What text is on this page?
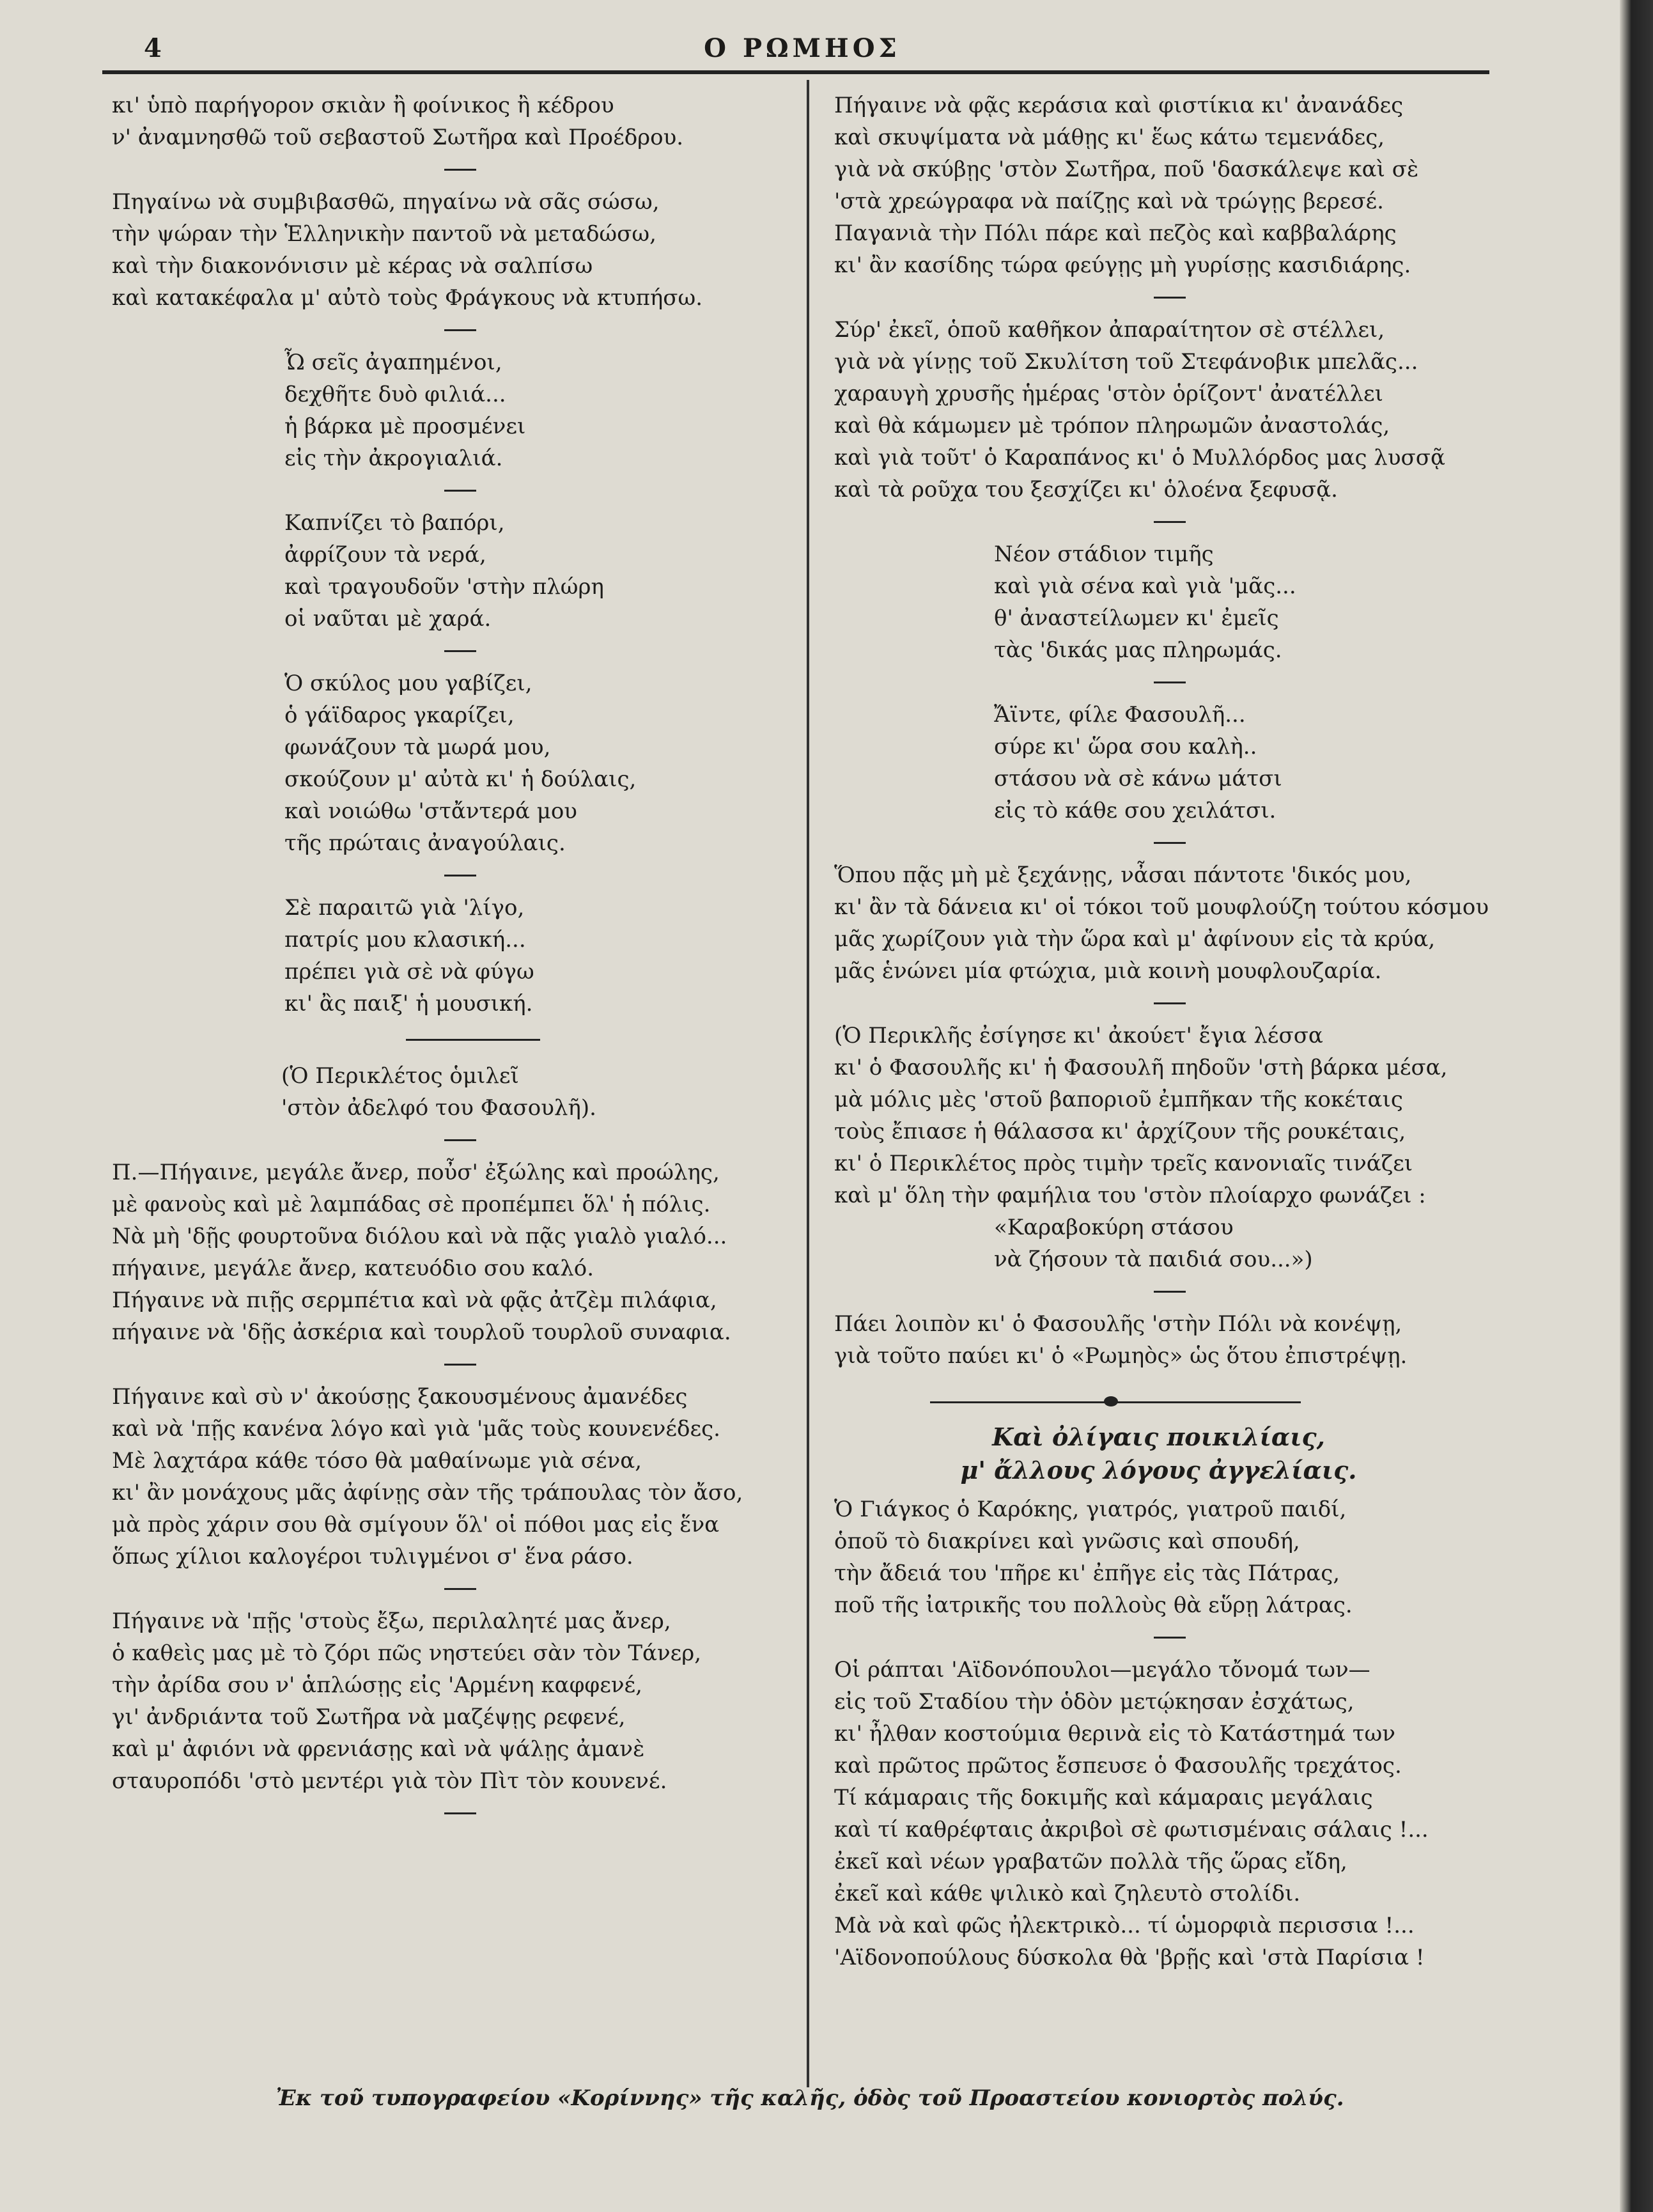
4	Ο ΡΩΜΗΟΣ
κι' ὑπὸ παρήγορον σκιὰν ἢ φοίνικος ἢ κέδρου
ν' ἀναμνησθῶ τοῦ σεβαστοῦ Σωτῆρα καὶ Προέδρου.
Πηγαίνω νὰ συμβιβασθῶ, πηγαίνω νὰ σᾶς σώσω,
τὴν ψώραν τὴν Ἑλληνικὴν παντοῦ νὰ μεταδώσω,
καὶ τὴν διακονόνισιν μὲ κέρας νὰ σαλπίσω
καὶ κατακέφαλα μ' αὐτὸ τοὺς Φράγκους νὰ κτυπήσω.
Ὦ σεῖς ἀγαπημένοι,
δεχθῆτε δυὸ φιλιά...
ἡ βάρκα μὲ προσμένει
εἰς τὴν ἀκρογιαλιά.
Καπνίζει τὸ βαπόρι,
ἀφρίζουν τὰ νερά,
καὶ τραγουδοῦν 'στὴν πλώρη
οἱ ναῦται μὲ χαρά.
Ὁ σκύλος μου γαβίζει,
ὁ γάϊδαρος γκαρίζει,
φωνάζουν τὰ μωρά μου,
σκούζουν μ' αὐτὰ κι' ἡ δούλαις,
καὶ νοιώθω 'στἄντερά μου
τῆς πρώταις ἀναγούλαις.
Σὲ παραιτῶ γιὰ 'λίγο,
πατρίς μου κλασική...
πρέπει γιὰ σὲ νὰ φύγω
κι' ἂς παιξ' ἡ μουσική.
(Ὁ Περικλέτος ὁμιλεῖ
'στὸν ἀδελφό του Φασουλῆ).
Π.—Πήγαινε, μεγάλε ἄνερ, ποὖσ' ἐξώλης καὶ προώλης,
μὲ φανοὺς καὶ μὲ λαμπάδας σὲ προπέμπει ὅλ' ἡ πόλις.
Νὰ μὴ 'δῇς φουρτοῦνα διόλου καὶ νὰ πᾷς γιαλὸ γιαλό...
πήγαινε, μεγάλε ἄνερ, κατευόδιο σου καλό.
Πήγαινε νὰ πιῇς σερμπέτια καὶ νὰ φᾷς ἀτζὲμ πιλάφια,
πήγαινε νὰ 'δῇς ἀσκέρια καὶ τουρλοῦ τουρλοῦ συναφια.
Πήγαινε καὶ σὺ ν' ἀκούσῃς ξακουσμένους ἀμανέδες
καὶ νὰ 'πῇς κανένα λόγο καὶ γιὰ 'μᾶς τοὺς κουνενέδες.
Μὲ λαχτάρα κάθε τόσο θὰ μαθαίνωμε γιὰ σένα,
κι' ἂν μονάχους μᾶς ἀφίνῃς σὰν τῆς τράπουλας τὸν ἄσο,
μὰ πρὸς χάριν σου θὰ σμίγουν ὅλ' οἱ πόθοι μας εἰς ἕνα
ὅπως χίλιοι καλογέροι τυλιγμένοι σ' ἕνα ράσο.
Πήγαινε νὰ 'πῇς 'στοὺς ἔξω, περιλαλητέ μας ἄνερ,
ὁ καθεὶς μας μὲ τὸ ζόρι πῶς νηστεύει σὰν τὸν Τάνερ,
τὴν ἀρίδα σου ν' ἁπλώσῃς εἰς 'Αρμένη καφφενέ,
γι' ἀνδριάντα τοῦ Σωτῆρα νὰ μαζέψῃς ρεφενέ,
καὶ μ' ἀφιόνι νὰ φρενιάσῃς καὶ νὰ ψάλῃς ἀμανὲ
σταυροπόδι 'στὸ μεντέρι γιὰ τὸν Πὶτ τὸν κουνενέ.
Πήγαινε νὰ φᾷς κεράσια καὶ φιστίκια κι' ἀνανάδες
καὶ σκυψίματα νὰ μάθῃς κι' ἕως κάτω τεμενάδες,
γιὰ νὰ σκύβῃς 'στὸν Σωτῆρα, ποῦ 'δασκάλεψε καὶ σὲ
'στὰ χρεώγραφα νὰ παίζῃς καὶ νὰ τρώγῃς βερεσέ.
Παγανιὰ τὴν Πόλι πάρε καὶ πεζὸς καὶ καββαλάρης
κι' ἂν κασίδης τώρα φεύγῃς μὴ γυρίσῃς κασιδιάρης.
Σύρ' ἐκεῖ, ὁποῦ καθῆκον ἀπαραίτητον σὲ στέλλει,
γιὰ νὰ γίνῃς τοῦ Σκυλίτση τοῦ Στεφάνοβικ μπελᾶς...
χαραυγὴ χρυσῆς ἡμέρας 'στὸν ὁρίζοντ' ἀνατέλλει
καὶ θὰ κάμωμεν μὲ τρόπον πληρωμῶν ἀναστολάς,
καὶ γιὰ τοῦτ' ὁ Καραπάνος κι' ὁ Μυλλόρδος μας λυσσᾷ
καὶ τὰ ροῦχα του ξεσχίζει κι' ὁλοένα ξεφυσᾷ.
Νέον στάδιον τιμῆς
καὶ γιὰ σένα καὶ γιὰ 'μᾶς...
θ' ἀναστείλωμεν κι' ἐμεῖς
τὰς 'δικάς μας πληρωμάς.
Ἄϊντε, φίλε Φασουλῆ...
σύρε κι' ὥρα σου καλὴ..
στάσου νὰ σὲ κάνω μάτσι
εἰς τὸ κάθε σου χειλάτσι.
Ὅπου πᾷς μὴ μὲ ξεχάνῃς, νἆσαι πάντοτε 'δικός μου,
κι' ἂν τὰ δάνεια κι' οἱ τόκοι τοῦ μουφλούζη τούτου κόσμου
μᾶς χωρίζουν γιὰ τὴν ὥρα καὶ μ' ἀφίνουν εἰς τὰ κρύα,
μᾶς ἑνώνει μία φτώχια, μιὰ κοινὴ μουφλουζαρία.
(Ὁ Περικλῆς ἐσίγησε κι' ἀκούετ' ἔγια λέσσα
κι' ὁ Φασουλῆς κι' ἡ Φασουλῆ πηδοῦν 'στὴ βάρκα μέσα,
μὰ μόλις μὲς 'στοῦ βαποριοῦ ἐμπῆκαν τῆς κοκέταις
τοὺς ἔπιασε ἡ θάλασσα κι' ἀρχίζουν τῆς ρουκέταις,
κι' ὁ Περικλέτος πρὸς τιμὴν τρεῖς κανονιαῖς τινάζει
καὶ μ' ὅλη τὴν φαμήλια του 'στὸν πλοίαρχο φωνάζει :
«Καραβοκύρη στάσου
νὰ ζήσουν τὰ παιδιά σου...»)
Πάει λοιπὸν κι' ὁ Φασουλῆς 'στὴν Πόλι νὰ κονέψῃ,
γιὰ τοῦτο παύει κι' ὁ «Ρωμηὸς» ὡς ὅτου ἐπιστρέψῃ.
Καὶ ὀλίγαις ποικιλίαις,
μ' ἄλλους λόγους ἀγγελίαις.
Ὁ Γιάγκος ὁ Καρόκης, γιατρός, γιατροῦ παιδί,
ὁποῦ τὸ διακρίνει καὶ γνῶσις καὶ σπουδή,
τὴν ἄδειά του 'πῆρε κι' ἐπῆγε εἰς τὰς Πάτρας,
ποῦ τῆς ἰατρικῆς του πολλοὺς θὰ εὕρῃ λάτρας.
Οἱ ράπται 'Αϊδονόπουλοι—μεγάλο τὄνομά των—
εἰς τοῦ Σταδίου τὴν ὁδὸν μετῴκησαν ἐσχάτως,
κι' ἦλθαν κοστούμια θερινὰ εἰς τὸ Κατάστημά των
καὶ πρῶτος πρῶτος ἔσπευσε ὁ Φασουλῆς τρεχάτος.
Τί κάμαραις τῆς δοκιμῆς καὶ κάμαραις μεγάλαις
καὶ τί καθρέφταις ἀκριβοὶ σὲ φωτισμέναις σάλαις !...
ἐκεῖ καὶ νέων γραβατῶν πολλὰ τῆς ὥρας εἴδη,
ἐκεῖ καὶ κάθε ψιλικὸ καὶ ζηλευτὸ στολίδι.
Μὰ νὰ καὶ φῶς ἠλεκτρικὸ... τί ὡμορφιὰ περισσια !...
'Αϊδονοπούλους δύσκολα θὰ 'βρῇς καὶ 'στὰ Παρίσια !
Ἐκ τοῦ τυπογραφείου «Κορίννης» τῆς καλῆς, ὁδὸς τοῦ Προαστείου κονιορτὸς πολύς.
